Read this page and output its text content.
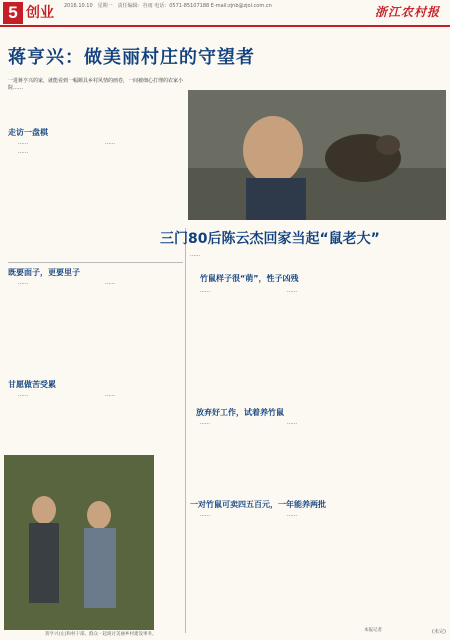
5 创业 2016.10.10　星期一　责任编辑：谷雨 电话：0571-85107188 E-mail:zjnb@zjol.com.cn	浙江农村报
蒋亨兴：做美丽村庄的守望者
一进蒋亨兴的家，就能看到一幅颇具乡村风情的画卷，一间被细心打理的农家小院……
走访一盘棋

……

……

……

既要面子，更要里子

……	……

甘愿做苦受累

……	……

蒋亨兴(左)和村干部、群众一起商讨美丽乡村建设事务。
三门80后陈云杰回家当起“鼠老大”
……
竹鼠样子很“萌”，性子凶残

……	……

放弃好工作，试着养竹鼠

……	……

一对竹鼠可卖四五百元，一年能养两批

……	……

本报记者	(未完)
